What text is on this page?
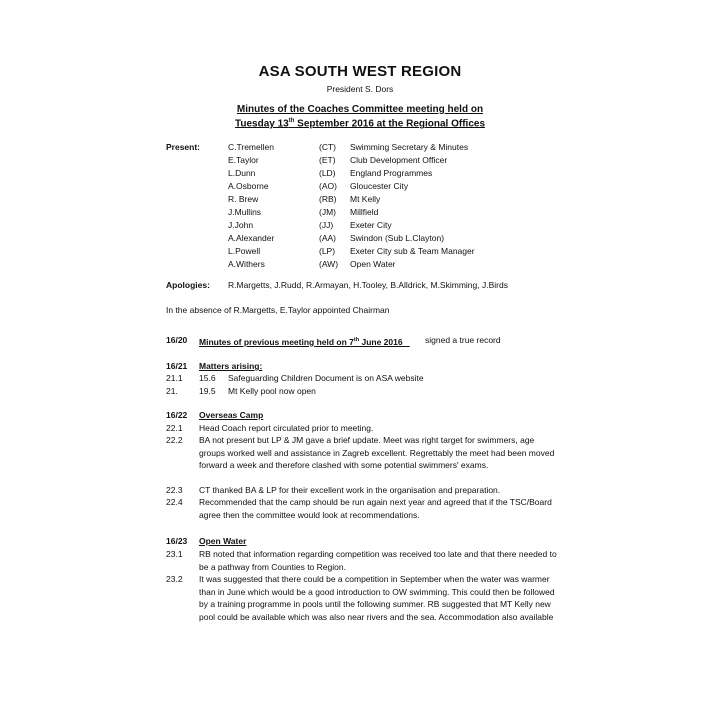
ASA SOUTH WEST REGION
President S. Dors
Minutes of the Coaches Committee meeting held on
Tuesday 13th September 2016 at the Regional Offices
Present:	C.Tremellen	(CT) Swimming Secretary & Minutes
E.Taylor	(ET) Club Development Officer
L.Dunn	(LD) England Programmes
A.Osborne	(AO) Gloucester City
R. Brew	(RB) Mt Kelly
J.Mullins	(JM) Millfield
J.John	(JJ) Exeter City
A.Alexander	(AA) Swindon (Sub L.Clayton)
L.Powell	(LP) Exeter City sub & Team Manager
A.Withers	(AW) Open Water
Apologies: R.Margetts, J.Rudd, R.Armayan, H.Tooley, B.Alldrick, M.Skimming, J.Birds
In the absence of R.Margetts, E.Taylor appointed Chairman
16/20 Minutes of previous meeting held on 7th June 2016	signed a true record
16/21 Matters arising:
21.1 15.6 Safeguarding Children Document is on ASA website
21. 19.5 Mt Kelly pool now open
16/22 Overseas Camp
22.1 Head Coach report circulated prior to meeting.
22.2 BA not present but LP & JM gave a brief update. Meet was right target for swimmers, age groups worked well and assistance in Zagreb excellent. Regrettably the meet had been moved forward a week and therefore clashed with some potential swimmers' exams.
22.3 CT thanked BA & LP for their excellent work in the organisation and preparation.
22.4 Recommended that the camp should be run again next year and agreed that if the TSC/Board agree then the committee would look at recommendations.
16/23 Open Water
23.1 RB noted that information regarding competition was received too late and that there needed to be a pathway from Counties to Region.
23.2 It was suggested that there could be a competition in September when the water was warmer than in June which would be a good introduction to OW swimming. This could then be followed by a training programme in pools until the following summer. RB suggested that MT Kelly new pool could be available which was also near rivers and the sea. Accommodation also available
